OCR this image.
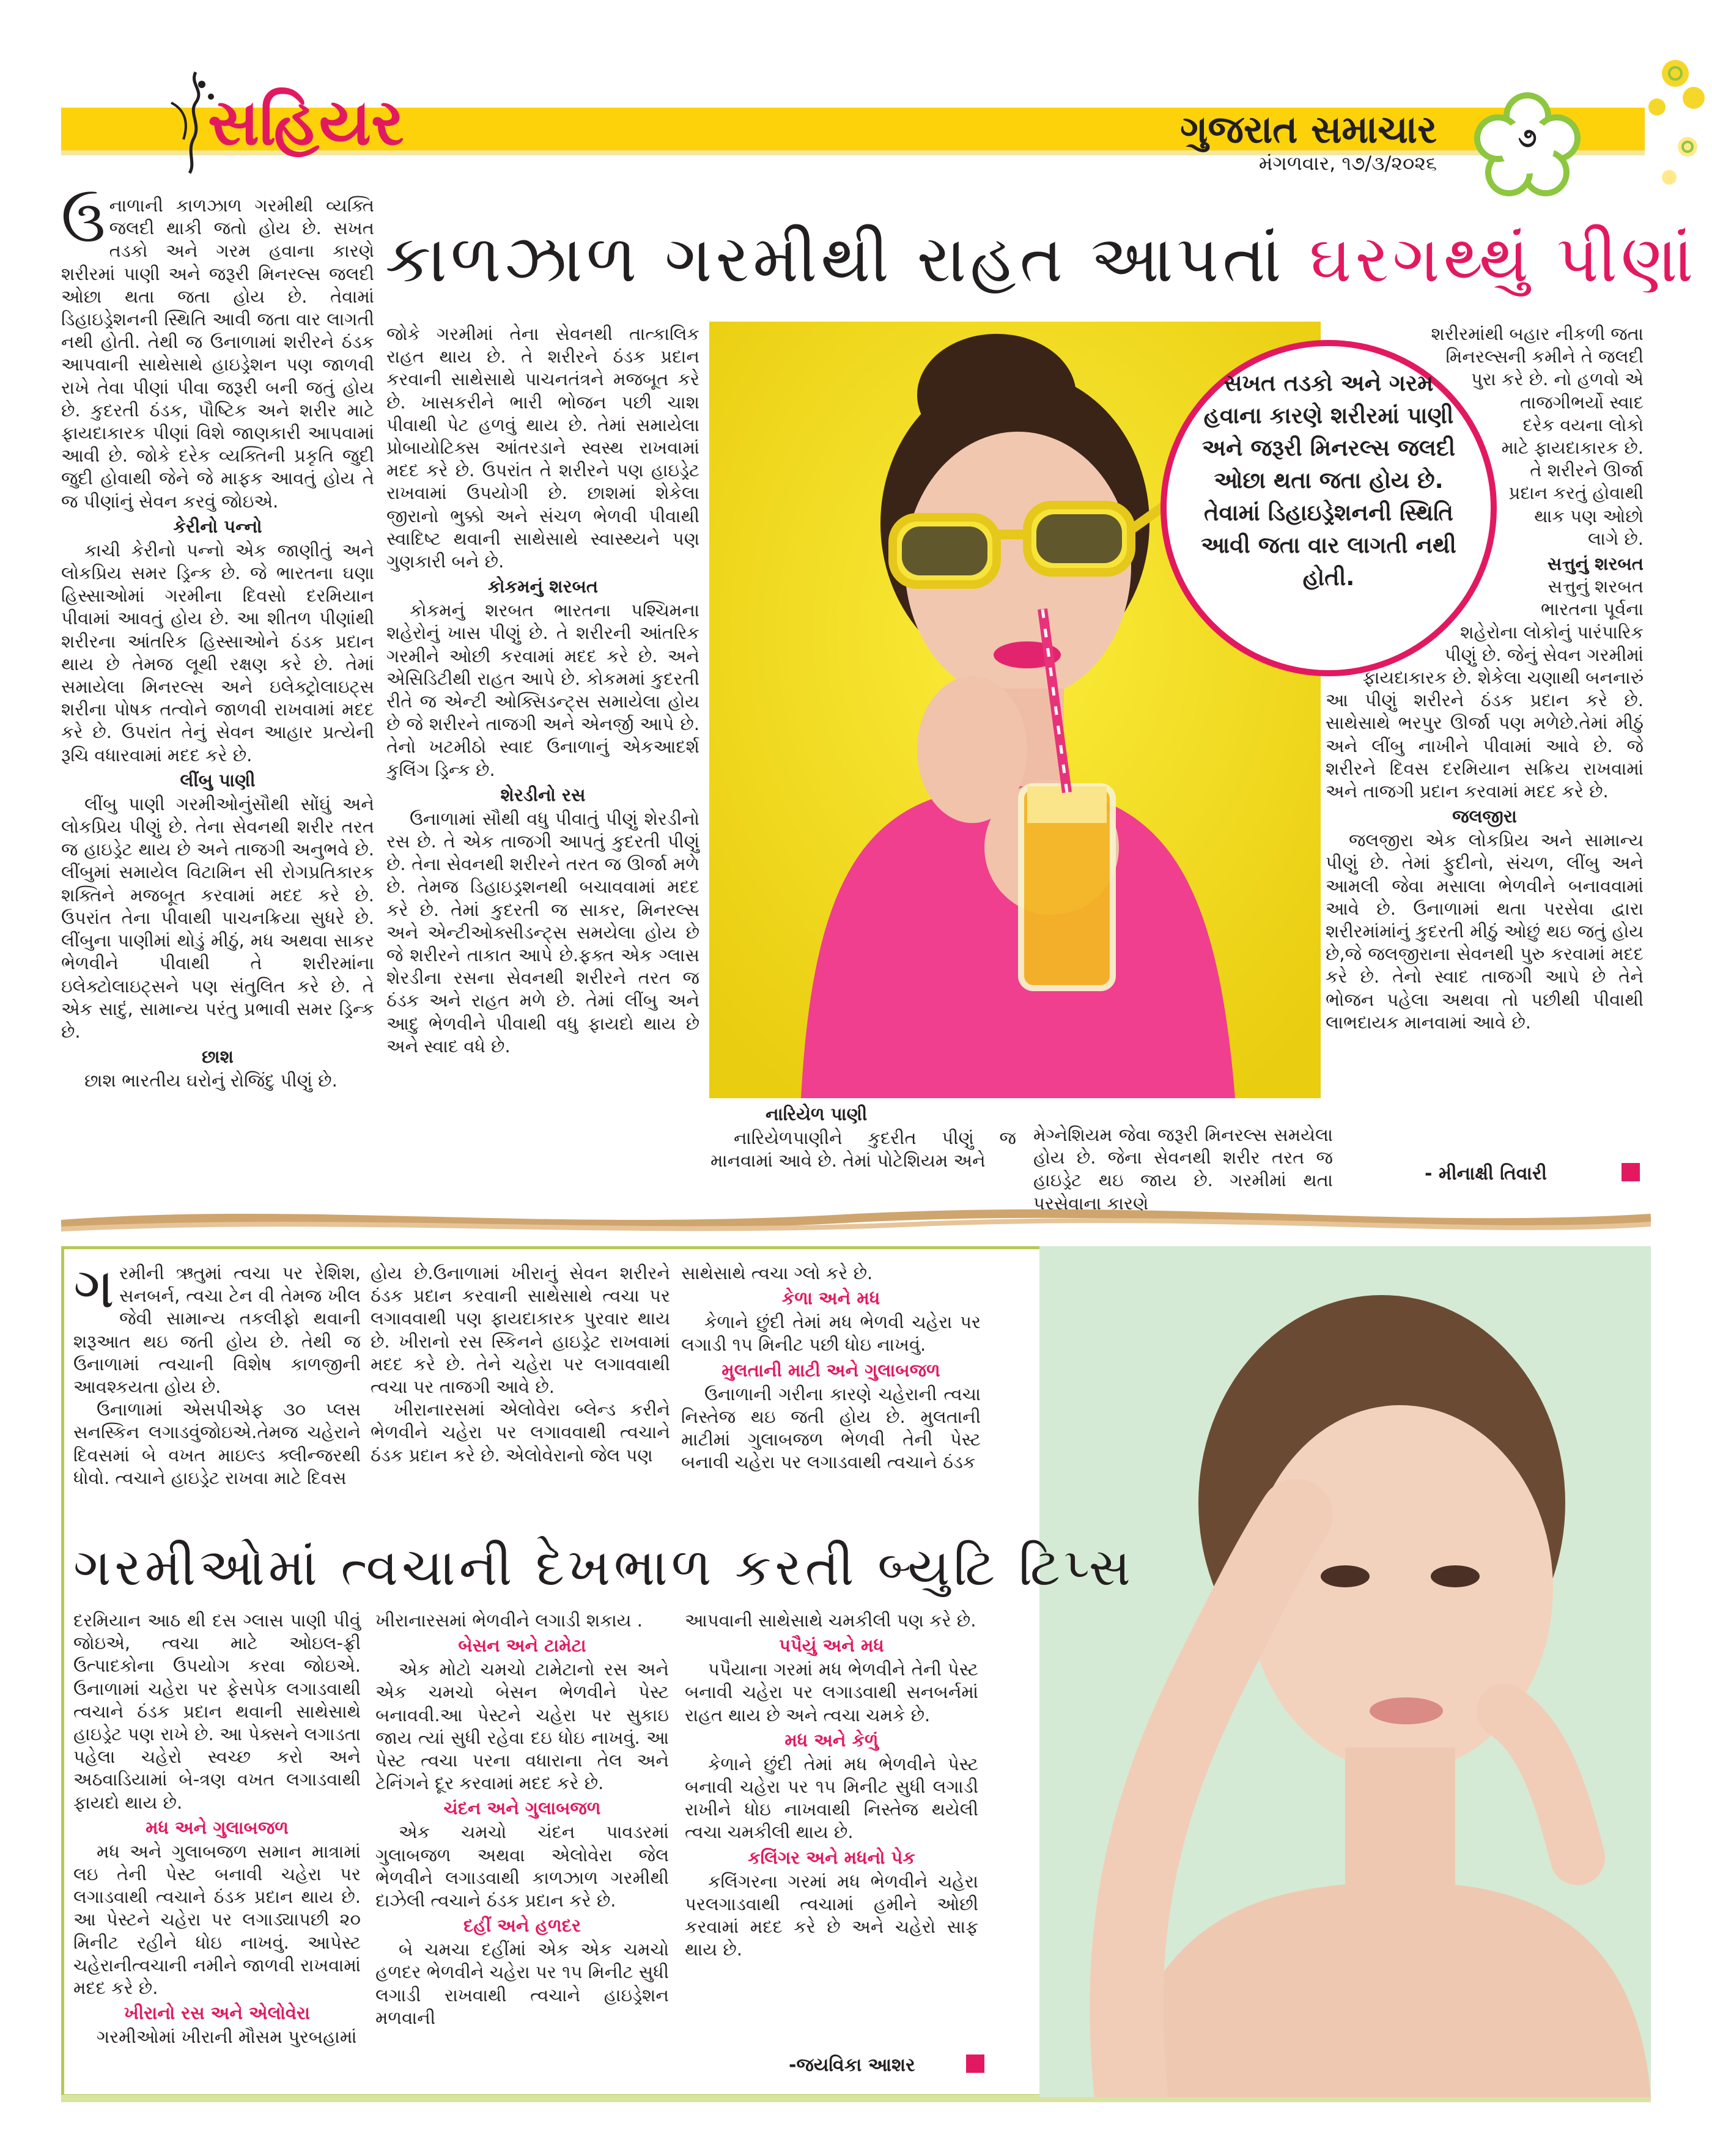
૭
સહિયર	ગુજરાત સમાચાર
મંગળવાર, ૧૭/૩/૨૦૨૬
કાળઝાળ ગરમીથી રાહત આપતાં ઘરગથ્થું પીણાં

ઉનાળાની કાળઝાળ ગરમીથી વ્યક્તિ જલદી થાકી જતો હોય છે. સખત તડકો અને ગરમ હવાના કારણે શરીરમાં પાણી અને જરૂરી મિનરલ્સ જલદી ઓછા થતા જતા હોય છે. તેવામાં ડિહાઇડ્રેશનની સ્થિતિ આવી જતા વાર લાગતી નથી હોતી. તેથી જ ઉનાળામાં શરીરને ઠંડક આપવાની સાથેસાથે હાઇડ્રેશન પણ જાળવી રાખે તેવા પીણાં પીવા જરૂરી બની જતું હોય છે. કુદરતી ઠંડક, પૌષ્ટિક અને શરીર માટે ફાયદાકારક પીણાં વિશે જાણકારી આપવામાં આવી છે. જોકે દરેક વ્યક્તિની પ્રકૃતિ જુદી જુદી હોવાથી જેને જે માફક આવતું હોય તે જ પીણાંનું સેવન કરવું જોઇએ.

કેરીનો પન્નો

કાચી કેરીનો પન્નો એક જાણીતું અને લોકપ્રિય સમર ડ્રિન્ક છે. જે ભારતના ઘણા હિસ્સાઓમાં ગરમીના દિવસો દરમિયાન પીવામાં આવતું હોય છે. આ શીતળ પીણાંથી શરીરના આંતરિક હિસ્સાઓને ઠંડક પ્રદાન થાય છે તેમજ લૂથી રક્ષણ કરે છે. તેમાં સમાયેલા મિનરલ્સ અને ઇલેક્ટ્રોલાઇટ્સ શરીના પોષક તત્વોને જાળવી રાખવામાં મદદ કરે છે. ઉપરાંત તેનું સેવન આહાર પ્રત્યેની રૂચિ વધારવામાં મદદ કરે છે.

લીંબુ પાણી

લીંબુ પાણી ગરમીઓનુંસૌથી સોંઘું અને લોકપ્રિય પીણું છે. તેના સેવનથી શરીર તરત જ હાઇડ્રેટ થાય છે અને તાજગી અનુભવે છે. લીંબુમાં સમાયેલ વિટામિન સી રોગપ્રતિકારક શક્તિને મજબૂત કરવામાં મદદ કરે છે. ઉપરાંત તેના પીવાથી પાચનક્રિયા સુધરે છે. લીંબુના પાણીમાં થોડું મીઠું, મધ અથવા સાકર ભેળવીને પીવાથી તે શરીરમાંના ઇલેક્ટોલાઇટ્સને પણ સંતુલિત કરે છે. તે એક સાદું, સામાન્ય પરંતુ પ્રભાવી સમર ડ્રિન્ક છે.

છાશ

છાશ ભારતીય ઘરોનું રોજિંદુ પીણું છે.

જોકે ગરમીમાં તેના સેવનથી તાત્કાલિક રાહત થાય છે. તે શરીરને ઠંડક પ્રદાન કરવાની સાથેસાથે પાચનતંત્રને મજબૂત કરે છે. ખાસકરીને ભારી ભોજન પછી ચાશ પીવાથી પેટ હળવું થાય છે. તેમાં સમાયેલા પ્રોબાયોટિક્સ આંતરડાને સ્વસ્થ રાખવામાં મદદ કરે છે. ઉપરાંત તે શરીરને પણ હાઇડ્રેટ રાખવામાં ઉપયોગી છે. છાશમાં શેકેલા જીરાનો ભુક્કો અને સંચળ ભેળવી પીવાથી સ્વાદિષ્ટ થવાની સાથેસાથે સ્વાસ્થ્યને પણ ગુણકારી બને છે.

કોકમનું શરબત

કોકમનું શરબત ભારતના પશ્ચિમના શહેરોનું ખાસ પીણું છે. તે શરીરની આંતરિક ગરમીને ઓછી કરવામાં મદદ કરે છે. અને એસિડિટીથી રાહત આપે છે. કોકમમાં કુદરતી રીતે જ એન્ટી ઓક્સિડન્ટ્સ સમાયેલા હોય છે જે શરીરને તાજગી અને એનર્જી આપે છે. તેનો ખટમીઠો સ્વાદ ઉનાળાનું એકઆદર્શ કુલિંગ ડ્રિન્ક છે.

શેરડીનો રસ

ઉનાળામાં સૌથી વધુ પીવાતું પીણું શેરડીનો રસ છે. તે એક તાજગી આપતું કુદરતી પીણું છે. તેના સેવનથી શરીરને તરત જ ઊર્જા મળે છે. તેમજ ડિહાઇડ્રશનથી બચાવવામાં મદદ કરે છે. તેમાં કુદરતી જ સાકર, મિનરલ્સ અને એન્ટીઓક્સીડન્ટ્સ સમયેલા હોય છે જે શરીરને તાકાત આપે છે.ફક્ત એક ગ્લાસ શેરડીના રસના સેવનથી શરીરને તરત જ ઠંડક અને રાહત મળે છે. તેમાં લીંબુ અને આદુ ભેળવીને પીવાથી વધુ ફાયદો થાય છે અને સ્વાદ વધે છે.

સખત તડકો અને ગરમ હવાના કારણે શરીરમાં પાણી અને જરૂરી મિનરલ્સ જલદી ઓછા થતા જતા હોય છે. તેવામાં ડિહાઇડ્રેશનની સ્થિતિ આવી જતા વાર લાગતી નથી હોતી.
શરીરમાંથી બહાર નીકળી જતા
મિનરલ્સની કમીને તે જલદી
પુરા કરે છે. નો હળવો એ
તાજગીભર્યો સ્વાદ
દરેક વયના લોકો
માટે ફાયદાકારક છે.
તે શરીરને ઊર્જા
પ્રદાન કરતું હોવાથી
થાક પણ ઓછો
લાગે છે.
સત્તુનું શરબત
સત્તુનું શરબત
ભારતના પૂર્વના
શહેરોના લોકોનું પારંપારિક
પીણું છે. જેનું સેવન ગરમીમાં
ફાયદાકારક છે. શેકેલા ચણાથી બનનારું

આ પીણું શરીરને ઠંડક પ્રદાન કરે છે. સાથેસાથે ભરપુર ઊર્જા પણ મળેછે.તેમાં મીઠું અને લીંબુ નાખીને પીવામાં આવે છે. જે શરીરને દિવસ દરમિયાન સક્રિય રાખવામાં અને તાજગી પ્રદાન કરવામાં મદદ કરે છે.

જલજીરા

જલજીરા એક લોકપ્રિય અને સામાન્ય પીણું છે. તેમાં ફુદીનો, સંચળ, લીંબુ અને આમલી જેવા મસાલા ભેળવીને બનાવવામાં આવે છે. ઉનાળામાં થતા પરસેવા દ્વારા શરીરમાંમાંનું કુદરતી મીઠું ઓછું થઇ જતું હોય છે,જે જલજીરાના સેવનથી પુરુ કરવામાં મદદ કરે છે. તેનો સ્વાદ તાજગી આપે છે તેને ભોજન પહેલા અથવા તો પછીથી પીવાથી લાભદાયક માનવામાં આવે છે.

નારિયેળ પાણી

નારિયેળપાણીને કુદરીત પીણું જ માનવામાં આવે છે. તેમાં પોટેશિયમ અને

મેગ્નેશિયમ જેવા જરૂરી મિનરલ્સ સમયેલા હોય છે. જેના સેવનથી શરીર તરત જ હાઇડ્રેટ થઇ જાય છે. ગરમીમાં થતા પરસેવાના કારણે

- મીનાક્ષી તિવારી

ગરમીની ઋતુમાં ત્વચા પર રેશિશ, સનબર્ન, ત્વચા ટેન વી તેમજ ખીલ જેવી સામાન્ય તકલીફો થવાની શરૂઆત થઇ જતી હોય છે. તેથી જ ઉનાળામાં ત્વચાની વિશેષ કાળજીની આવશ્કયતા હોય છે.

ઉનાળામાં એસપીએફ ૩૦ પ્લસ સનસ્કિન લગાડવુંજોઇએ.તેમજ ચહેરાને દિવસમાં બે વખત માઇલ્ડ ક્લીન્જરથી ધોવો. ત્વચાને હાઇડ્રેટ રાખવા માટે દિવસ

હોય છે.ઉનાળામાં ખીરાનું સેવન શરીરને ઠંડક પ્રદાન કરવાની સાથેસાથે ત્વચા પર લગાવવાથી પણ ફાયદાકારક પુરવાર થાય છે. ખીરાનો રસ સ્કિનને હાઇડ્રેટ રાખવામાં મદદ કરે છે. તેને ચહેરા પર લગાવવાથી ત્વચા પર તાજગી આવે છે.

ખીરાનારસમાં એલોવેરા બ્લેન્ડ કરીને ભેળવીને ચહેરા પર લગાવવાથી ત્વચાને ઠંડક પ્રદાન કરે છે. એલોવેરાનો જેલ પણ

સાથેસાથે ત્વચા ગ્લો કરે છે.

કેળા અને મધ

કેળાને છુંદી તેમાં મધ ભેળવી ચહેરા પર લગાડી ૧૫ મિનીટ પછી ધોઇ નાખવું.

મુલતાની માટી અને ગુલાબજળ

ઉનાળાની ગરીના કારણે ચહેરાની ત્વચા નિસ્તેજ થઇ જતી હોય છે. મુલતાની માટીમાં ગુલાબજળ ભેળવી તેની પેસ્ટ બનાવી ચહેરા પર લગાડવાથી ત્વચાને ઠંડક

ગરમીઓમાં ત્વચાની દેખભાળ કરતી બ્યુટિ ટિપ્સ

દરમિયાન આઠ થી દસ ગ્લાસ પાણી પીવું જોઇએ, ત્વચા માટે ઓઇલ-ફ્રી ઉત્પાદકોના ઉપયોગ કરવા જોઇએ. ઉનાળામાં ચહેરા પર ફેસપેક લગાડવાથી ત્વચાને ઠંડક પ્રદાન થવાની સાથેસાથે હાઇડ્રેટ પણ રાખે છે. આ પેક્સને લગાડતા પહેલા ચહેરો સ્વચ્છ કરો અને અઠવાડિયામાં બે-ત્રણ વખત લગાડવાથી ફાયદો થાય છે.

મધ અને ગુલાબજળ

મધ અને ગુલાબજળ સમાન માત્રામાં લઇ તેની પેસ્ટ બનાવી ચહેરા પર લગાડવાથી ત્વચાને ઠંડક પ્રદાન થાય છે. આ પેસ્ટને ચહેરા પર લગાડ્યાપછી ૨૦ મિનીટ રહીને ધોઇ નાખવું. આપેસ્ટ ચહેરાનીત્વચાની નમીને જાળવી રાખવામાં મદદ કરે છે.

ખીરાનો રસ અને એલોવેરા

ગરમીઓમાં ખીરાની મૌસમ પુરબહામાં

ખીરાનારસમાં ભેળવીને લગાડી શકાય .

બેસન અને ટામેટા

એક મોટો ચમચો ટામેટાનો રસ અને એક ચમચો બેસન ભેળવીને પેસ્ટ બનાવવી.આ પેસ્ટને ચહેરા પર સુકાઇ જાય ત્યાં સુધી રહેવા દઇ ધોઇ નાખવું. આ પેસ્ટ ત્વચા પરના વધારાના તેલ અને ટેનિંગને દૂર કરવામાં મદદ કરે છે.

ચંદન અને ગુલાબજળ

એક ચમચો ચંદન પાવડરમાં ગુલાબજળ અથવા એલોવેરા જેલ ભેળવીને લગાડવાથી કાળઝાળ ગરમીથી દાઝેલી ત્વચાને ઠંડક પ્રદાન કરે છે.

દહીં અને હળદર

બે ચમચા દહીંમાં એક એક ચમચો હળદર ભેળવીને ચહેરા પર ૧૫ મિનીટ સુધી લગાડી રાખવાથી ત્વચાને હાઇડ્રેશન મળવાની

આપવાની સાથેસાથે ચમકીલી પણ કરે છે.

પપૈયું અને મધ

પપૈયાના ગરમાં મધ ભેળવીને તેની પેસ્ટ બનાવી ચહેરા પર લગાડવાથી સનબર્નમાં રાહત થાય છે અને ત્વચા ચમકે છે.

મધ અને કેળું

કેળાને છુંદી તેમાં મધ ભેળવીને પેસ્ટ બનાવી ચહેરા પર ૧૫ મિનીટ સુધી લગાડી રાખીને ધોઇ નાખવાથી નિસ્તેજ થયેલી ત્વચા ચમકીલી થાય છે.

કલિંગર અને મધનો પેક

કલિંગરના ગરમાં મધ ભેળવીને ચહેરા પરલગાડવાથી ત્વચામાં હમીને ઓછી કરવામાં મદદ કરે છે અને ચહેરો સાફ થાય છે.

-જયવિકા આશર
